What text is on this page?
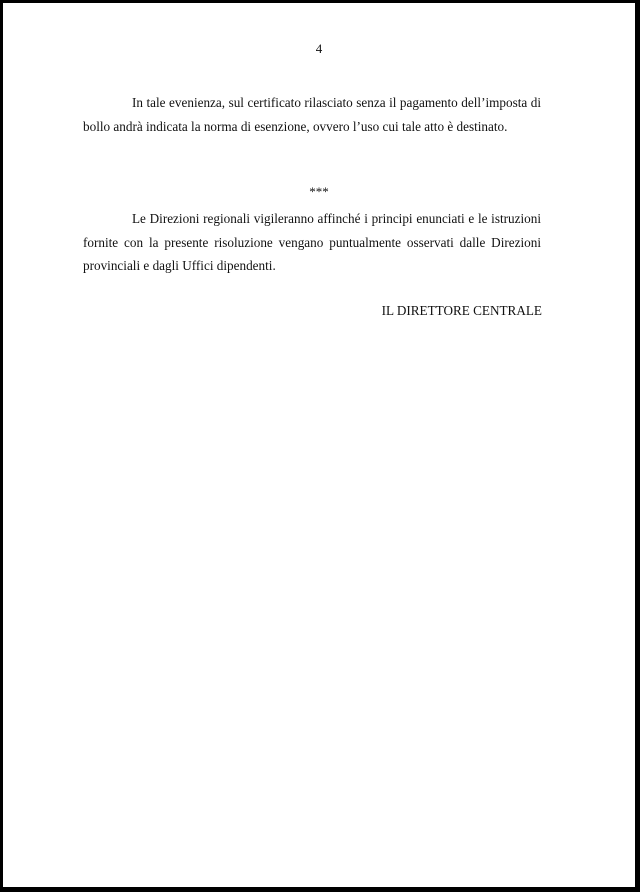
4

In tale evenienza, sul certificato rilasciato senza il pagamento dell’imposta di bollo andrà indicata la norma di esenzione, ovvero l’uso cui tale atto è destinato.

***

Le Direzioni regionali vigileranno affinché i principi enunciati e le istruzioni fornite con la presente risoluzione vengano puntualmente osservati dalle Direzioni provinciali e dagli Uffici dipendenti.

IL DIRETTORE CENTRALE
